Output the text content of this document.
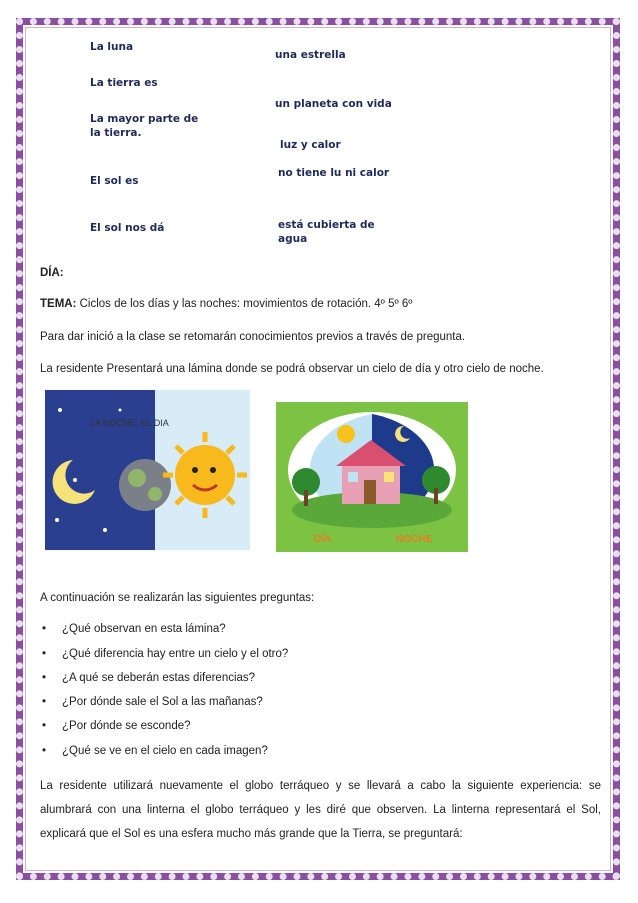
La luna
La tierra es
La mayor parte de la tierra.
El sol es
El sol nos dá
una estrella
un planeta con vida
luz y calor
no tiene lu ni calor
está cubierta de agua
DÍA:
TEMA: Ciclos de los días y las noches: movimientos de rotación. 4º 5º 6º
Para dar inició a la clase se retomarán conocimientos previos a través de pregunta.
La residente Presentará una lámina donde se podrá observar un cielo de día y otro cielo de noche.
LA NOCHE, EL DIA
DÍA	NOCHE
A continuación se realizarán las siguientes preguntas:
• ¿Qué observan en esta lámina?
• ¿Qué diferencia hay entre un cielo y el otro?
• ¿A qué se deberán estas diferencias?
• ¿Por dónde sale el Sol a las mañanas?
• ¿Por dónde se esconde?
• ¿Qué se ve en el cielo en cada imagen?
La residente utilizará nuevamente el globo terráqueo y se llevará a cabo la siguiente experiencia: se alumbrará con una linterna el globo terráqueo y les diré que observen. La linterna representará el Sol, explicará que el Sol es una esfera mucho más grande que la Tierra, se preguntará:
